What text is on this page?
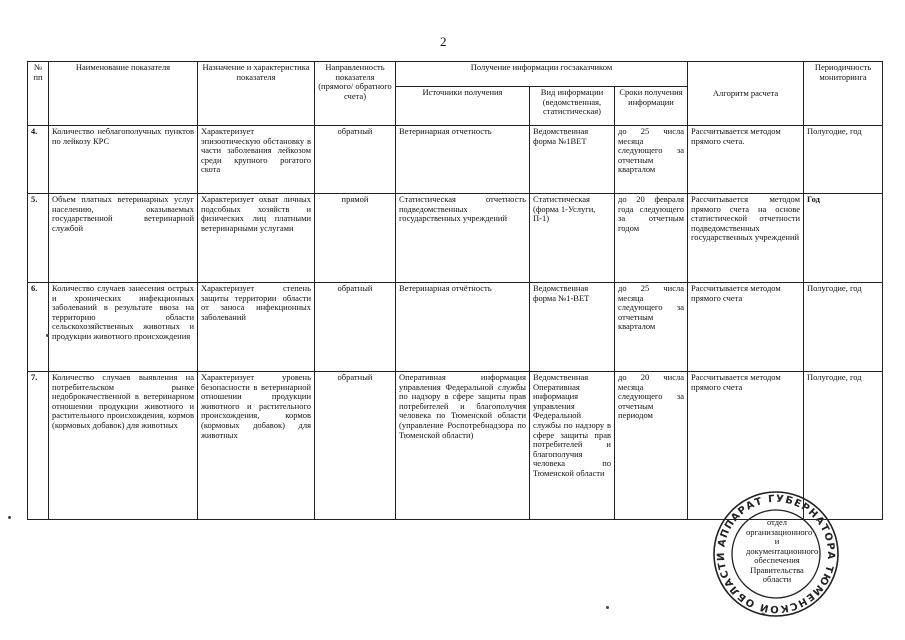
2
№
пп	Наименование показателя	Назначение и характеристика показателя	Направленность показателя (прямого/ обратного счета)	Получение информации госзаказчиком			Алгоритм расчета	Периодичность мониторинга
				Источники получения	Вид информации (ведомственная, статистическая)	Сроки получения информации		
4.	Количество неблагополучных пунктов по лейкозу КРС	Характеризует эпизоотическую обстановку в части заболевания лейкозом среди крупного рогатого скота	обратный	Ветеринарная отчетность	Ведомственная форма №1ВЕТ	до 25 числа месяца следующего за отчетным кварталом	Рассчитывается методом прямого счета.	Полугодие, год
5.	Объем платных ветеринарных услуг населению, оказываемых государственной ветеринарной службой	Характеризует охват личных подсобных хозяйств и физических лиц платными ветеринарными услугами	прямой	Статистическая отчетность подведомственных государственных учреждений	Статистическая (форма 1-Услуги, П-1)	до 20 февраля года следующего за отчетным годом	Рассчитывается методом прямого счета на основе статистической отчетности подведомственных государственных учреждений	Год
6.	Количество случаев занесения острых и хронических инфекционных заболеваний в результате ввоза на территорию области сельскохозяйственных животных и продукции животного происхождения	Характеризует степень защиты территории области от заноса инфекционных заболеваний	обратный	Ветеринарная отчётность	Ведомственная форма №1-ВЕТ	до 25 числа месяца следующего за отчетным кварталом	Рассчитывается методом прямого счета	Полугодие, год
7.	Количество случаев выявления на потребительском рынке недоброкачественной в ветеринарном отношении продукции животного и растительного происхождения, кормов (кормовых добавок) для животных	Характеризует уровень безопасности в ветеринарной отношении продукции животного и растительного происхождения, кормов (кормовых добавок) для животных	обратный	Оперативная информация управления Федеральной службы по надзору в сфере защиты прав потребителей и благополучия человека по Тюменской области (управление Роспотребнадзора по Тюменской области)	Ведомственная Оперативная информация управления Федеральной службы по надзору в сфере защиты прав потребителей и благополучия человека по Тюменской области	до 20 числа месяца следующего за отчетным периодом	Рассчитывается методом прямого счета	Полугодие, год
АППАРАТ ГУБЕРНАТОРА ТЮМЕНСКОЙ ОБЛАСТИ
отдел
организационного
и
документационного
обеспечения
Правительства
области
